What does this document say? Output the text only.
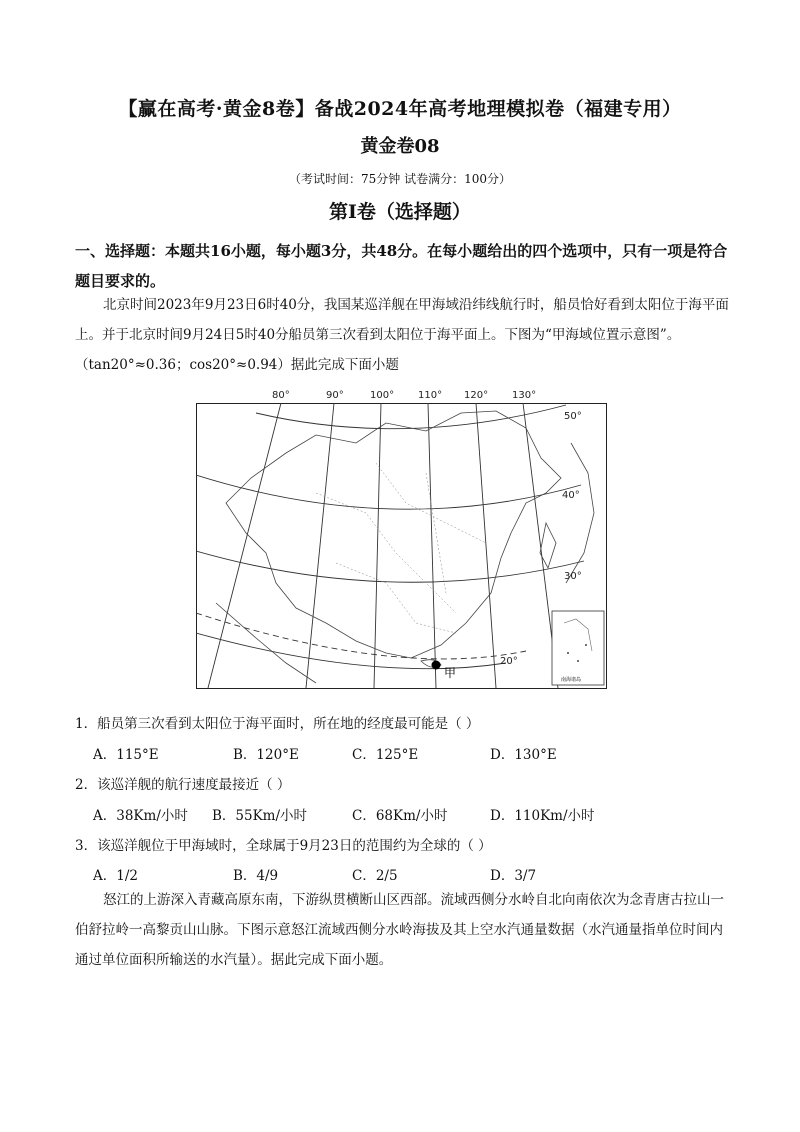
【赢在高考·黄金8卷】备战2024年高考地理模拟卷（福建专用）
黄金卷08
（考试时间：75分钟 试卷满分：100分）
第I卷（选择题）
一、选择题：本题共16小题，每小题3分，共48分。在每小题给出的四个选项中，只有一项是符合题目要求的。
北京时间2023年9月23日6时40分，我国某巡洋舰在甲海域沿纬线航行时，船员恰好看到太阳位于海平面上。并于北京时间9月24日5时40分船员第三次看到太阳位于海平面上。下图为“甲海域位置示意图”。（tan20°≈0.36；cos20°≈0.94）据此完成下面小题
80°	90°	100° 110° 120° 130°
50°
40°
30°
20°
甲	南海诸岛
1．船员第三次看到太阳位于海平面时，所在地的经度最可能是（ ）
A．115°E	B．120°E	C．125°E	D．130°E
2．该巡洋舰的航行速度最接近（ ）
A．38Km/小时 B．55Km/小时	C．68Km/小时	D．110Km/小时
3．该巡洋舰位于甲海域时，全球属于9月23日的范围约为全球的（ ）
A．1/2	B．4/9	C．2/5	D．3/7
怒江的上游深入青藏高原东南，下游纵贯横断山区西部。流域西侧分水岭自北向南依次为念青唐古拉山一伯舒拉岭一高黎贡山山脉。下图示意怒江流域西侧分水岭海拔及其上空水汽通量数据（水汽通量指单位时间内通过单位面积所输送的水汽量）。据此完成下面小题。
